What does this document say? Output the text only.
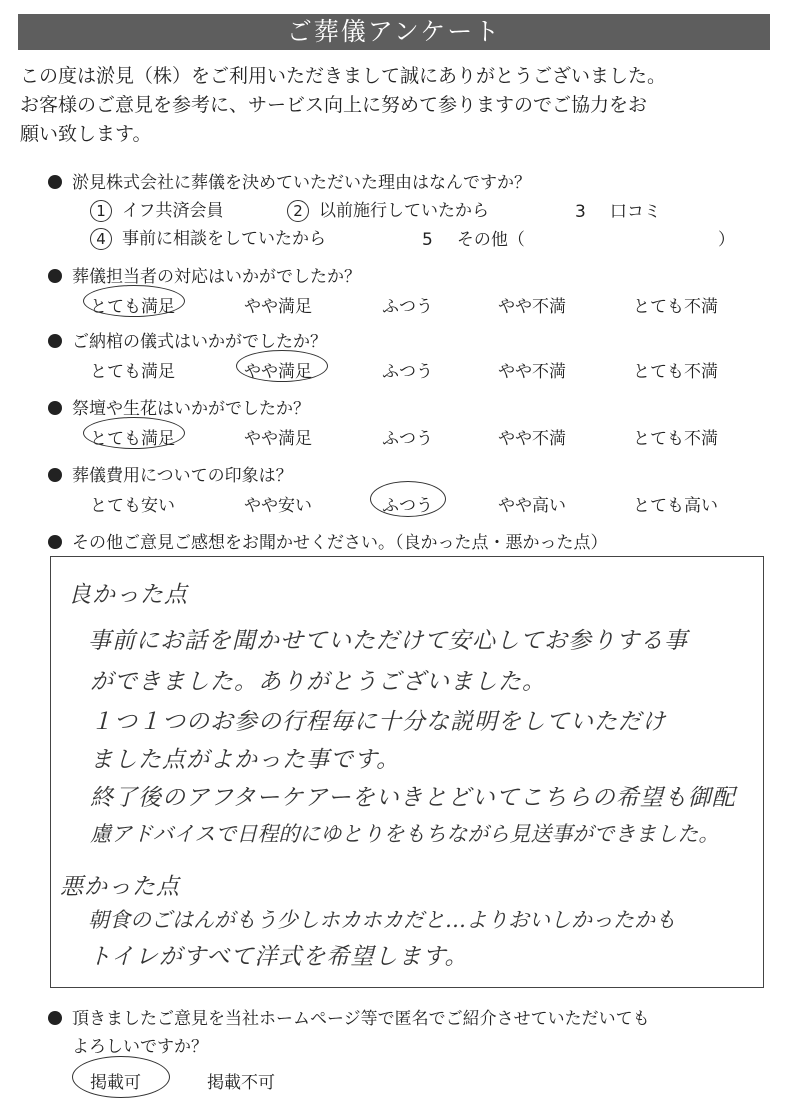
ご葬儀アンケート
この度は淤見（株）をご利用いただきまして誠にありがとうございました。
お客様のご意見を参考に、サービス向上に努めて参りますのでご協力をお
願い致します。
淤見株式会社に葬儀を決めていただいた理由はなんですか？
1 イフ共済会員	2 以前施行していたから	3 口コミ
4 事前に相談をしていたから	5 その他（	）
葬儀担当者の対応はいかがでしたか？
とても満足	やや満足	ふつう	やや不満	とても不満
ご納棺の儀式はいかがでしたか？
とても満足	やや満足	ふつう	やや不満	とても不満
祭壇や生花はいかがでしたか？
とても満足	やや満足	ふつう	やや不満	とても不満
葬儀費用についての印象は？
とても安い	やや安い	ふつう	やや高い	とても高い
その他ご意見ご感想をお聞かせください。（良かった点・悪かった点）
良かった点
事前にお話を聞かせていただけて安心してお参りする事
ができました。ありがとうございました。
１つ１つのお参の行程毎に十分な説明をしていただけ
ました点がよかった事です。
終了後のアフターケアーをいきとどいてこちらの希望も御配
慮アドバイスで日程的にゆとりをもちながら見送事ができました。
悪かった点
朝食のごはんがもう少しホカホカだと…よりおいしかったかも
トイレがすべて洋式を希望します。
頂きましたご意見を当社ホームページ等で匿名でご紹介させていただいても
よろしいですか？
掲載可	掲載不可
